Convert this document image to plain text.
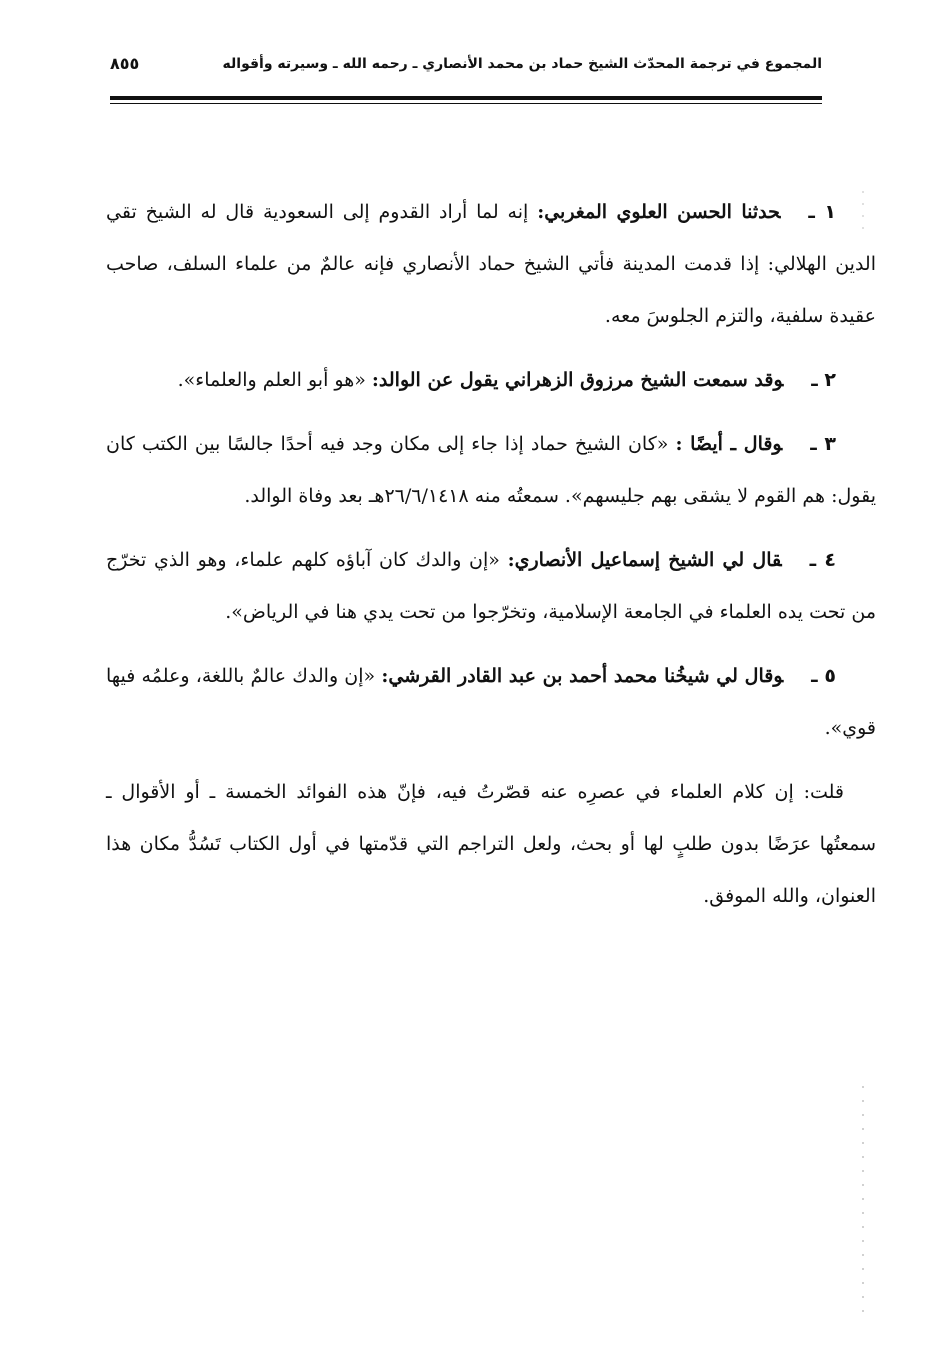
المجموع في ترجمة المحدّث الشيخ حماد بن محمد الأنصاري ـ رحمه الله ـ وسيرته وأقواله
٨٥٥

١ ـحدثنا الحسن العلوي المغربي: إنه لما أراد القدوم إلى السعودية قال له الشيخ تقي الدين الهلالي: إذا قدمت المدينة فأتي الشيخ حماد الأنصاري فإنه عالمٌ من علماء السلف، صاحب عقيدة سلفية، والتزم الجلوسَ معه.

٢ ـوقد سمعت الشيخ مرزوق الزهراني يقول عن الوالد: «هو أبو العلم والعلماء».

٣ ـوقال ـ أيضًا : «كان الشيخ حماد إذا جاء إلى مكان وجد فيه أحدًا جالسًا بين الكتب كان يقول: هم القوم لا يشقى بهم جليسهم». سمعتُه منه ٢٦/٦/١٤١٨هـ بعد وفاة الوالد.

٤ ـقال لي الشيخ إسماعيل الأنصاري: «إن والدك كان آباؤه كلهم علماء، وهو الذي تخرّج من تحت يده العلماء في الجامعة الإسلامية، وتخرّجوا من تحت يدي هنا في الرياض».

٥ ـوقال لي شيخُنا محمد أحمد بن عبد القادر القرشي: «إن والدك عالمٌ باللغة، وعلمُه فيها قوي».

قلت: إن كلام العلماء في عصرِه عنه قصّرتُ فيه، فإنّ هذه الفوائد الخمسة ـ أو الأقوال ـ سمعتُها عرَضًا بدون طلبٍ لها أو بحث، ولعل التراجم التي قدّمتها في أول الكتاب تَسُدُّ مكان هذا العنوان، والله الموفق.
